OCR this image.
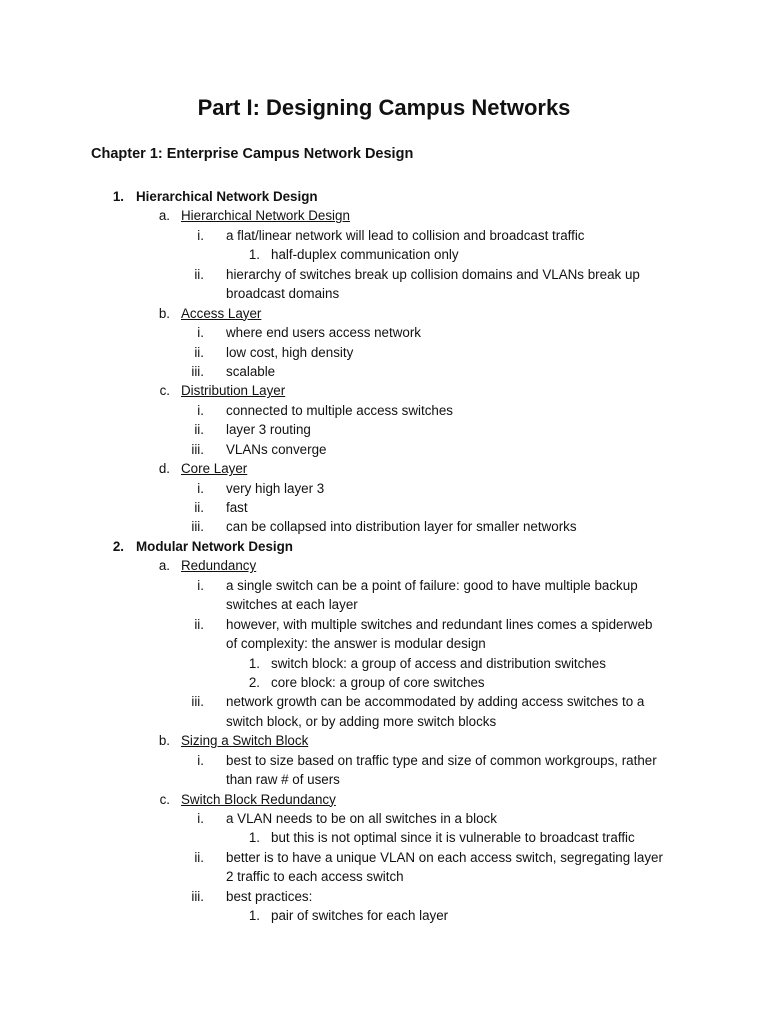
Part I: Designing Campus Networks
Chapter 1: Enterprise Campus Network Design
1. Hierarchical Network Design
a. Hierarchical Network Design
i. a flat/linear network will lead to collision and broadcast traffic
1. half-duplex communication only
ii. hierarchy of switches break up collision domains and VLANs break up
broadcast domains
b. Access Layer
i. where end users access network
ii. low cost, high density
iii. scalable
c. Distribution Layer
i. connected to multiple access switches
ii. layer 3 routing
iii. VLANs converge
d. Core Layer
i. very high layer 3
ii. fast
iii. can be collapsed into distribution layer for smaller networks
2. Modular Network Design
a. Redundancy
i. a single switch can be a point of failure: good to have multiple backup
switches at each layer
ii. however, with multiple switches and redundant lines comes a spiderweb
of complexity: the answer is modular design
1. switch block: a group of access and distribution switches
2. core block: a group of core switches
iii. network growth can be accommodated by adding access switches to a
switch block, or by adding more switch blocks
b. Sizing a Switch Block
i. best to size based on traffic type and size of common workgroups, rather
than raw # of users
c. Switch Block Redundancy
i. a VLAN needs to be on all switches in a block
1. but this is not optimal since it is vulnerable to broadcast traffic
ii. better is to have a unique VLAN on each access switch, segregating layer
2 traffic to each access switch
iii. best practices:
1. pair of switches for each layer
